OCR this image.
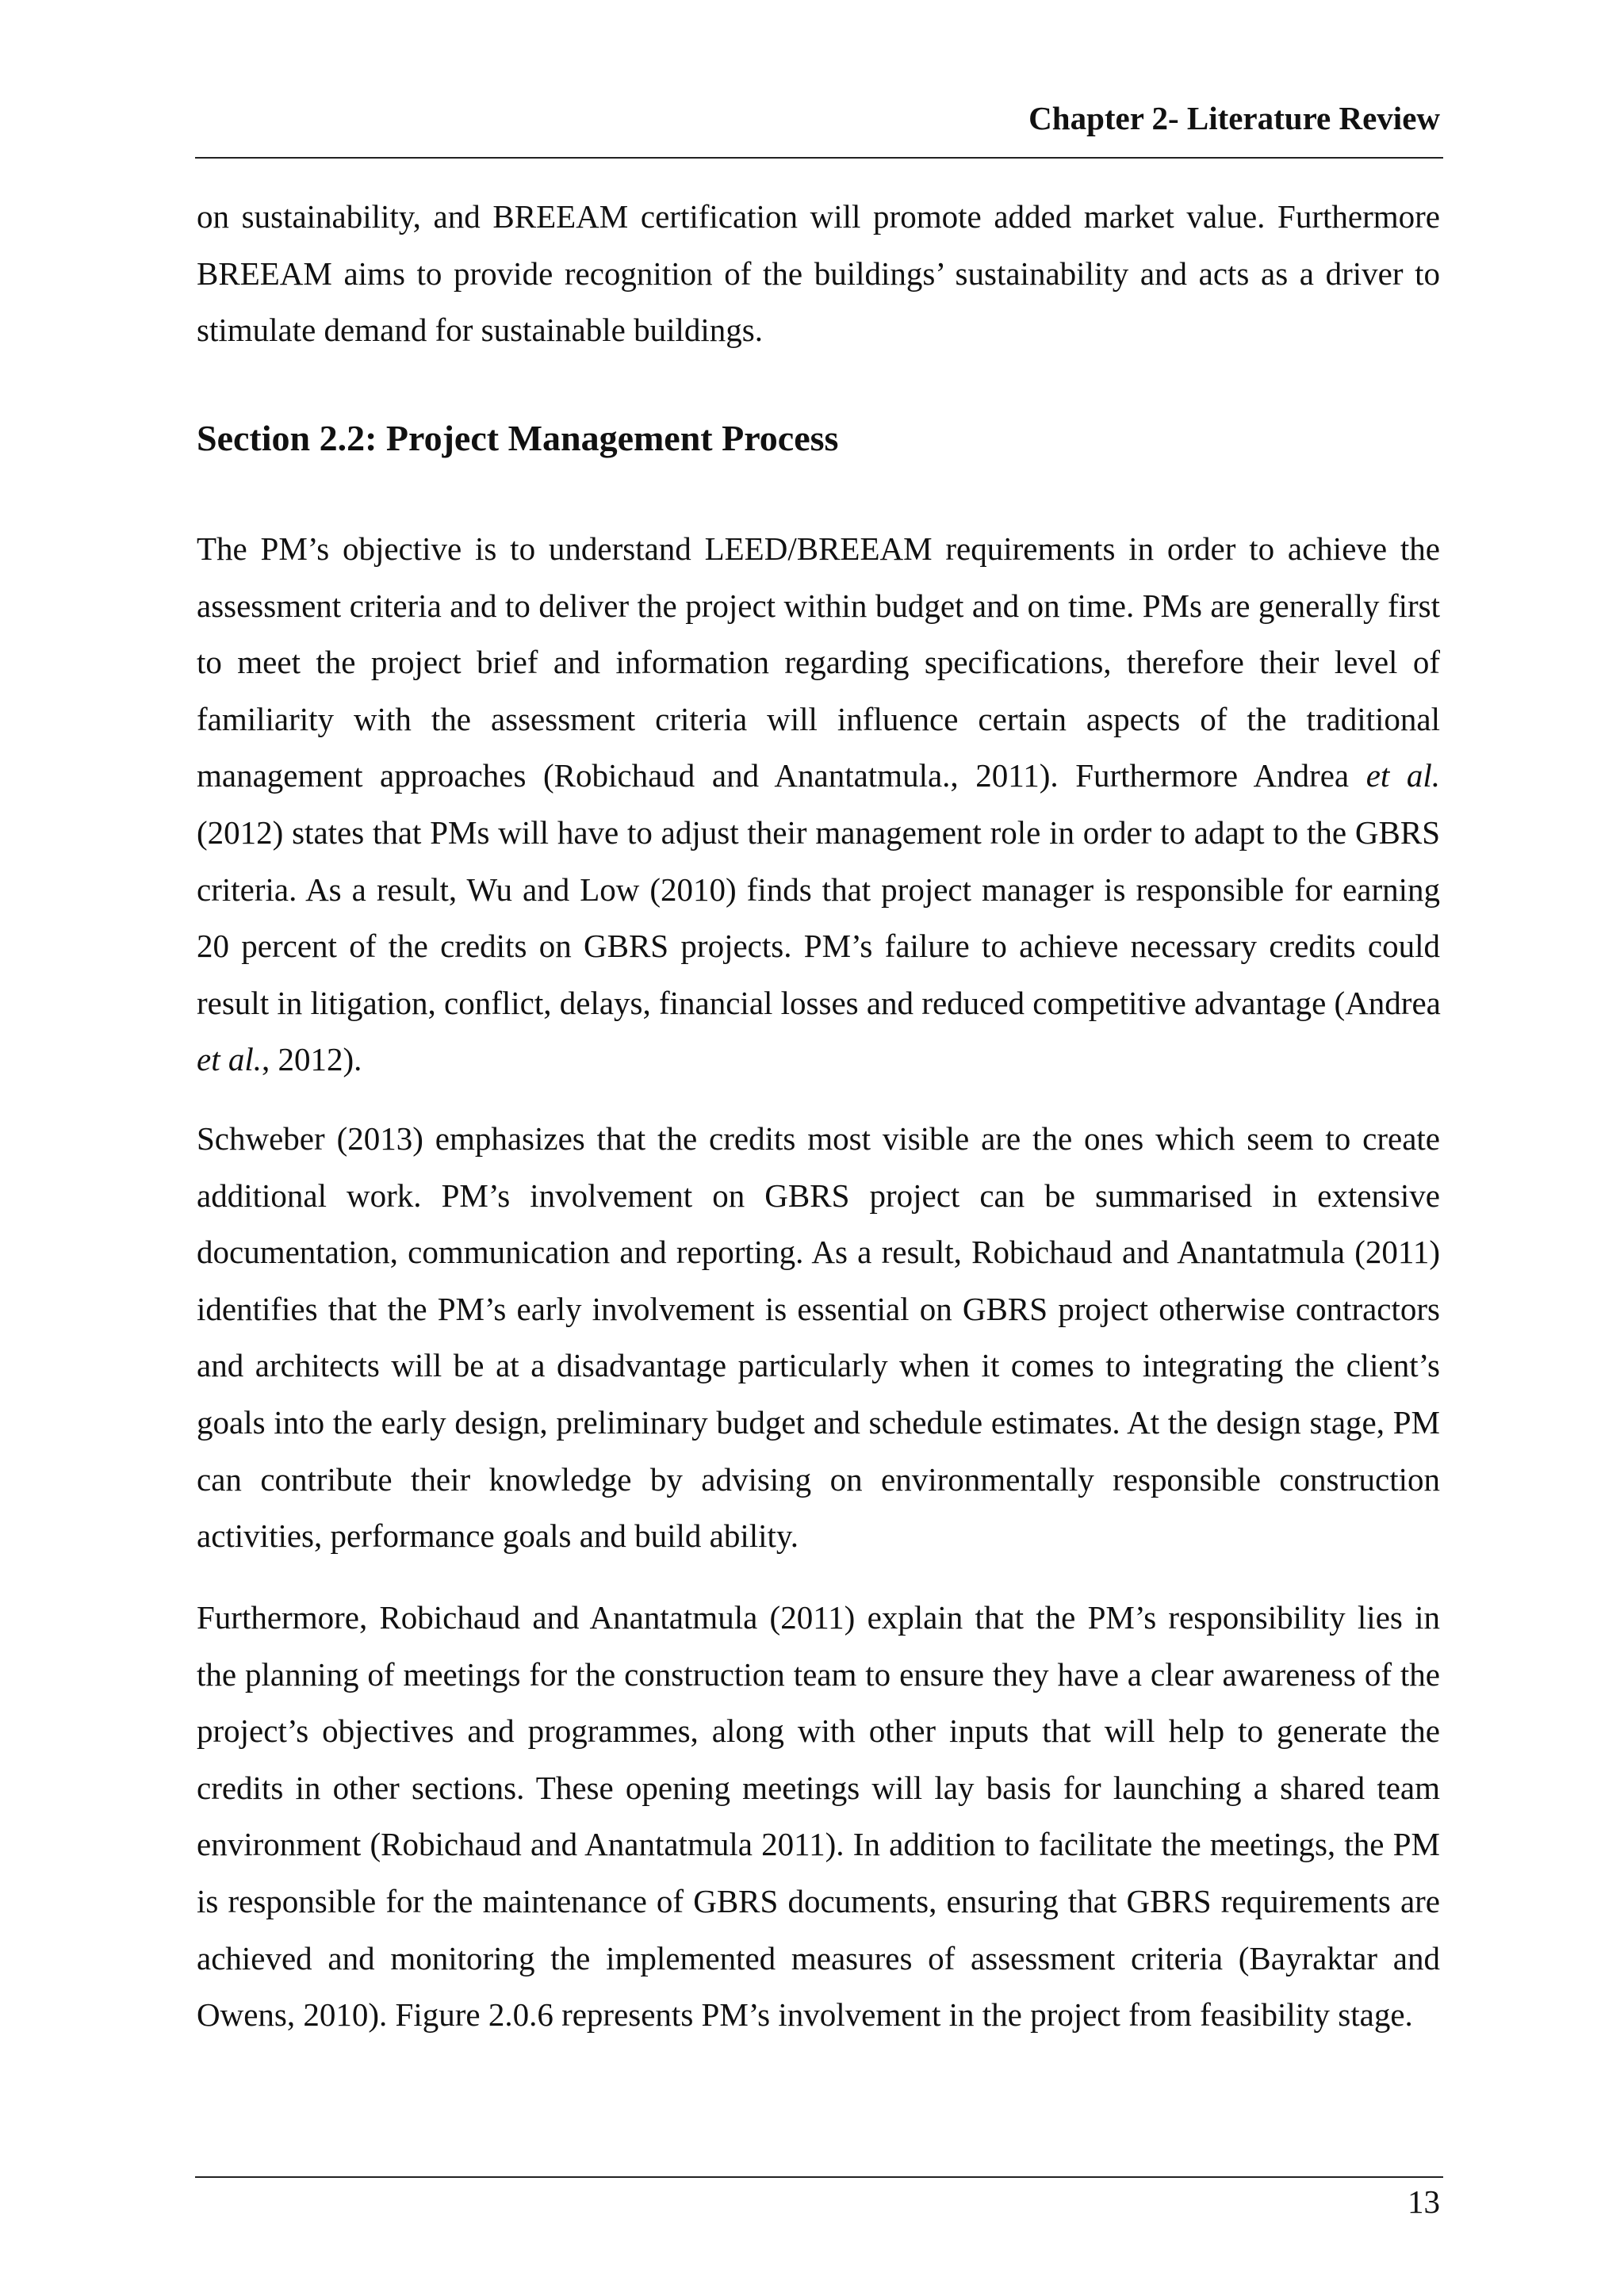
Chapter 2- Literature Review
on sustainability, and BREEAM certification will promote added market value. Furthermore
BREEAM aims to provide recognition of the buildings’ sustainability and acts as a driver to
stimulate demand for sustainable buildings.
Section 2.2: Project Management Process
The PM’s objective is to understand LEED/BREEAM requirements in order to achieve the
assessment criteria and to deliver the project within budget and on time. PMs are generally first
to meet the project brief and information regarding specifications, therefore their level of
familiarity with the assessment criteria will influence certain aspects of the traditional
management approaches (Robichaud and Anantatmula., 2011). Furthermore Andrea et al.
(2012) states that PMs will have to adjust their management role in order to adapt to the GBRS
criteria. As a result, Wu and Low (2010) finds that project manager is responsible for earning
20 percent of the credits on GBRS projects. PM’s failure to achieve necessary credits could
result in litigation, conflict, delays, financial losses and reduced competitive advantage (Andrea
et al., 2012).
Schweber (2013) emphasizes that the credits most visible are the ones which seem to create
additional work. PM’s involvement on GBRS project can be summarised in extensive
documentation, communication and reporting. As a result, Robichaud and Anantatmula (2011)
identifies that the PM’s early involvement is essential on GBRS project otherwise contractors
and architects will be at a disadvantage particularly when it comes to integrating the client’s
goals into the early design, preliminary budget and schedule estimates. At the design stage, PM
can contribute their knowledge by advising on environmentally responsible construction
activities, performance goals and build ability.
Furthermore, Robichaud and Anantatmula (2011) explain that the PM’s responsibility lies in
the planning of meetings for the construction team to ensure they have a clear awareness of the
project’s objectives and programmes, along with other inputs that will help to generate the
credits in other sections. These opening meetings will lay basis for launching a shared team
environment (Robichaud and Anantatmula 2011). In addition to facilitate the meetings, the PM
is responsible for the maintenance of GBRS documents, ensuring that GBRS requirements are
achieved and monitoring the implemented measures of assessment criteria (Bayraktar and
Owens, 2010). Figure 2.0.6 represents PM’s involvement in the project from feasibility stage.
13
